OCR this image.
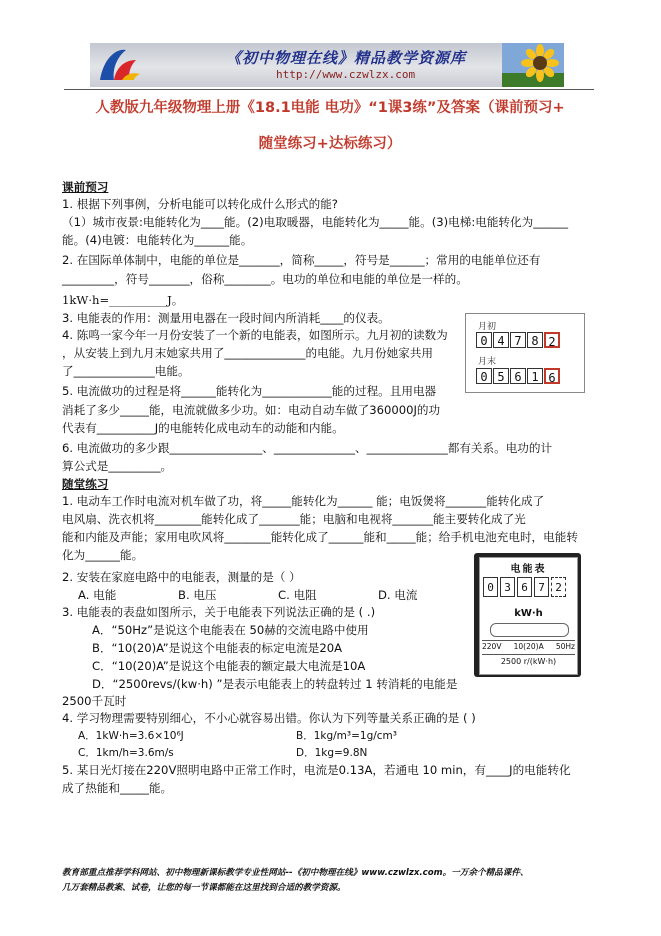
《初中物理在线》精品教学资源库
http://www.czwlzx.com
人教版九年级物理上册《18.1电能 电功》“1课3练”及答案（课前预习+
随堂练习+达标练习）
课前预习
1. 根据下列事例，分析电能可以转化成什么形式的能?
（1）城市夜景:电能转化为____能。(2)电取暖器，电能转化为_____能。(3)电梯:电能转化为______
能。(4)电镀：电能转化为______能。
2. 在国际单体制中，电能的单位是_______，简称_____，符号是______；常用的电能单位还有
_________，符号_______，俗称________。电功的单位和电能的单位是一样的。
1kW·h=__________J。
3. 电能表的作用：测量用电器在一段时间内所消耗____的仪表。
4. 陈鸣一家今年一月份安装了一个新的电能表，如图所示。九月初的读数为
，从安装上到九月末她家共用了______________的电能。九月份她家共用
了______________电能。
5. 电流做功的过程是将______能转化为____________能的过程。且用电器
消耗了多少_____能，电流就做多少功。如：电动自动车做了360000J的功
代表有__________J的电能转化成电动车的动能和内能。
6. 电流做功的多少跟________________、______________、______________都有关系。电功的计
算公式是_________。
月初
0 4 7 8 2
月末
0 5 6 1 6
随堂练习
1. 电动车工作时电流对机车做了功，将_____能转化为______ 能；电饭煲将_______能转化成了
电风扇、洗衣机将________能转化成了_______能；电脑和电视将_______能主要转化成了光
能和内能及声能；家用电吹风将________能转化成了______能和_____能；给手机电池充电时，电能转
化为______能。
2. 安装在家庭电路中的电能表，测量的是（ ）
A. 电能	B. 电压	C. 电阻	D. 电流
3. 电能表的表盘如图所示，关于电能表下列说法正确的是 ( .)
A．“50Hz”是说这个电能表在 50赫的交流电路中使用
B．“10(20)A”是说这个电能表的标定电流是20A
C．“10(20)A”是说这个电能表的额定最大电流是10A
D．“2500revs/(kw·h) ”是表示电能表上的转盘转过 1 转消耗的电能是
2500千瓦时
电能表
0 3 6 7 2
kW·h
220V 10(20)A 50Hz
2500 r/(kW·h)
4. 学习物理需要特别细心，不小心就容易出错。你认为下列等量关系正确的是 ( )
A．1kW·h=3.6×10⁶J	B．1kg/m³=1g/cm³
C．1km/h=3.6m/s	D．1kg=9.8N
5. 某日光灯接在220V照明电路中正常工作时，电流是0.13A，若通电 10 min，有____J的电能转化
成了热能和_____能。
教育部重点推荐学科网站、初中物理新课标教学专业性网站--《初中物理在线》www.czwlzx.com。一万余个精品课件、
几万套精品教案、试卷，让您的每一节课都能在这里找到合适的教学资源。
